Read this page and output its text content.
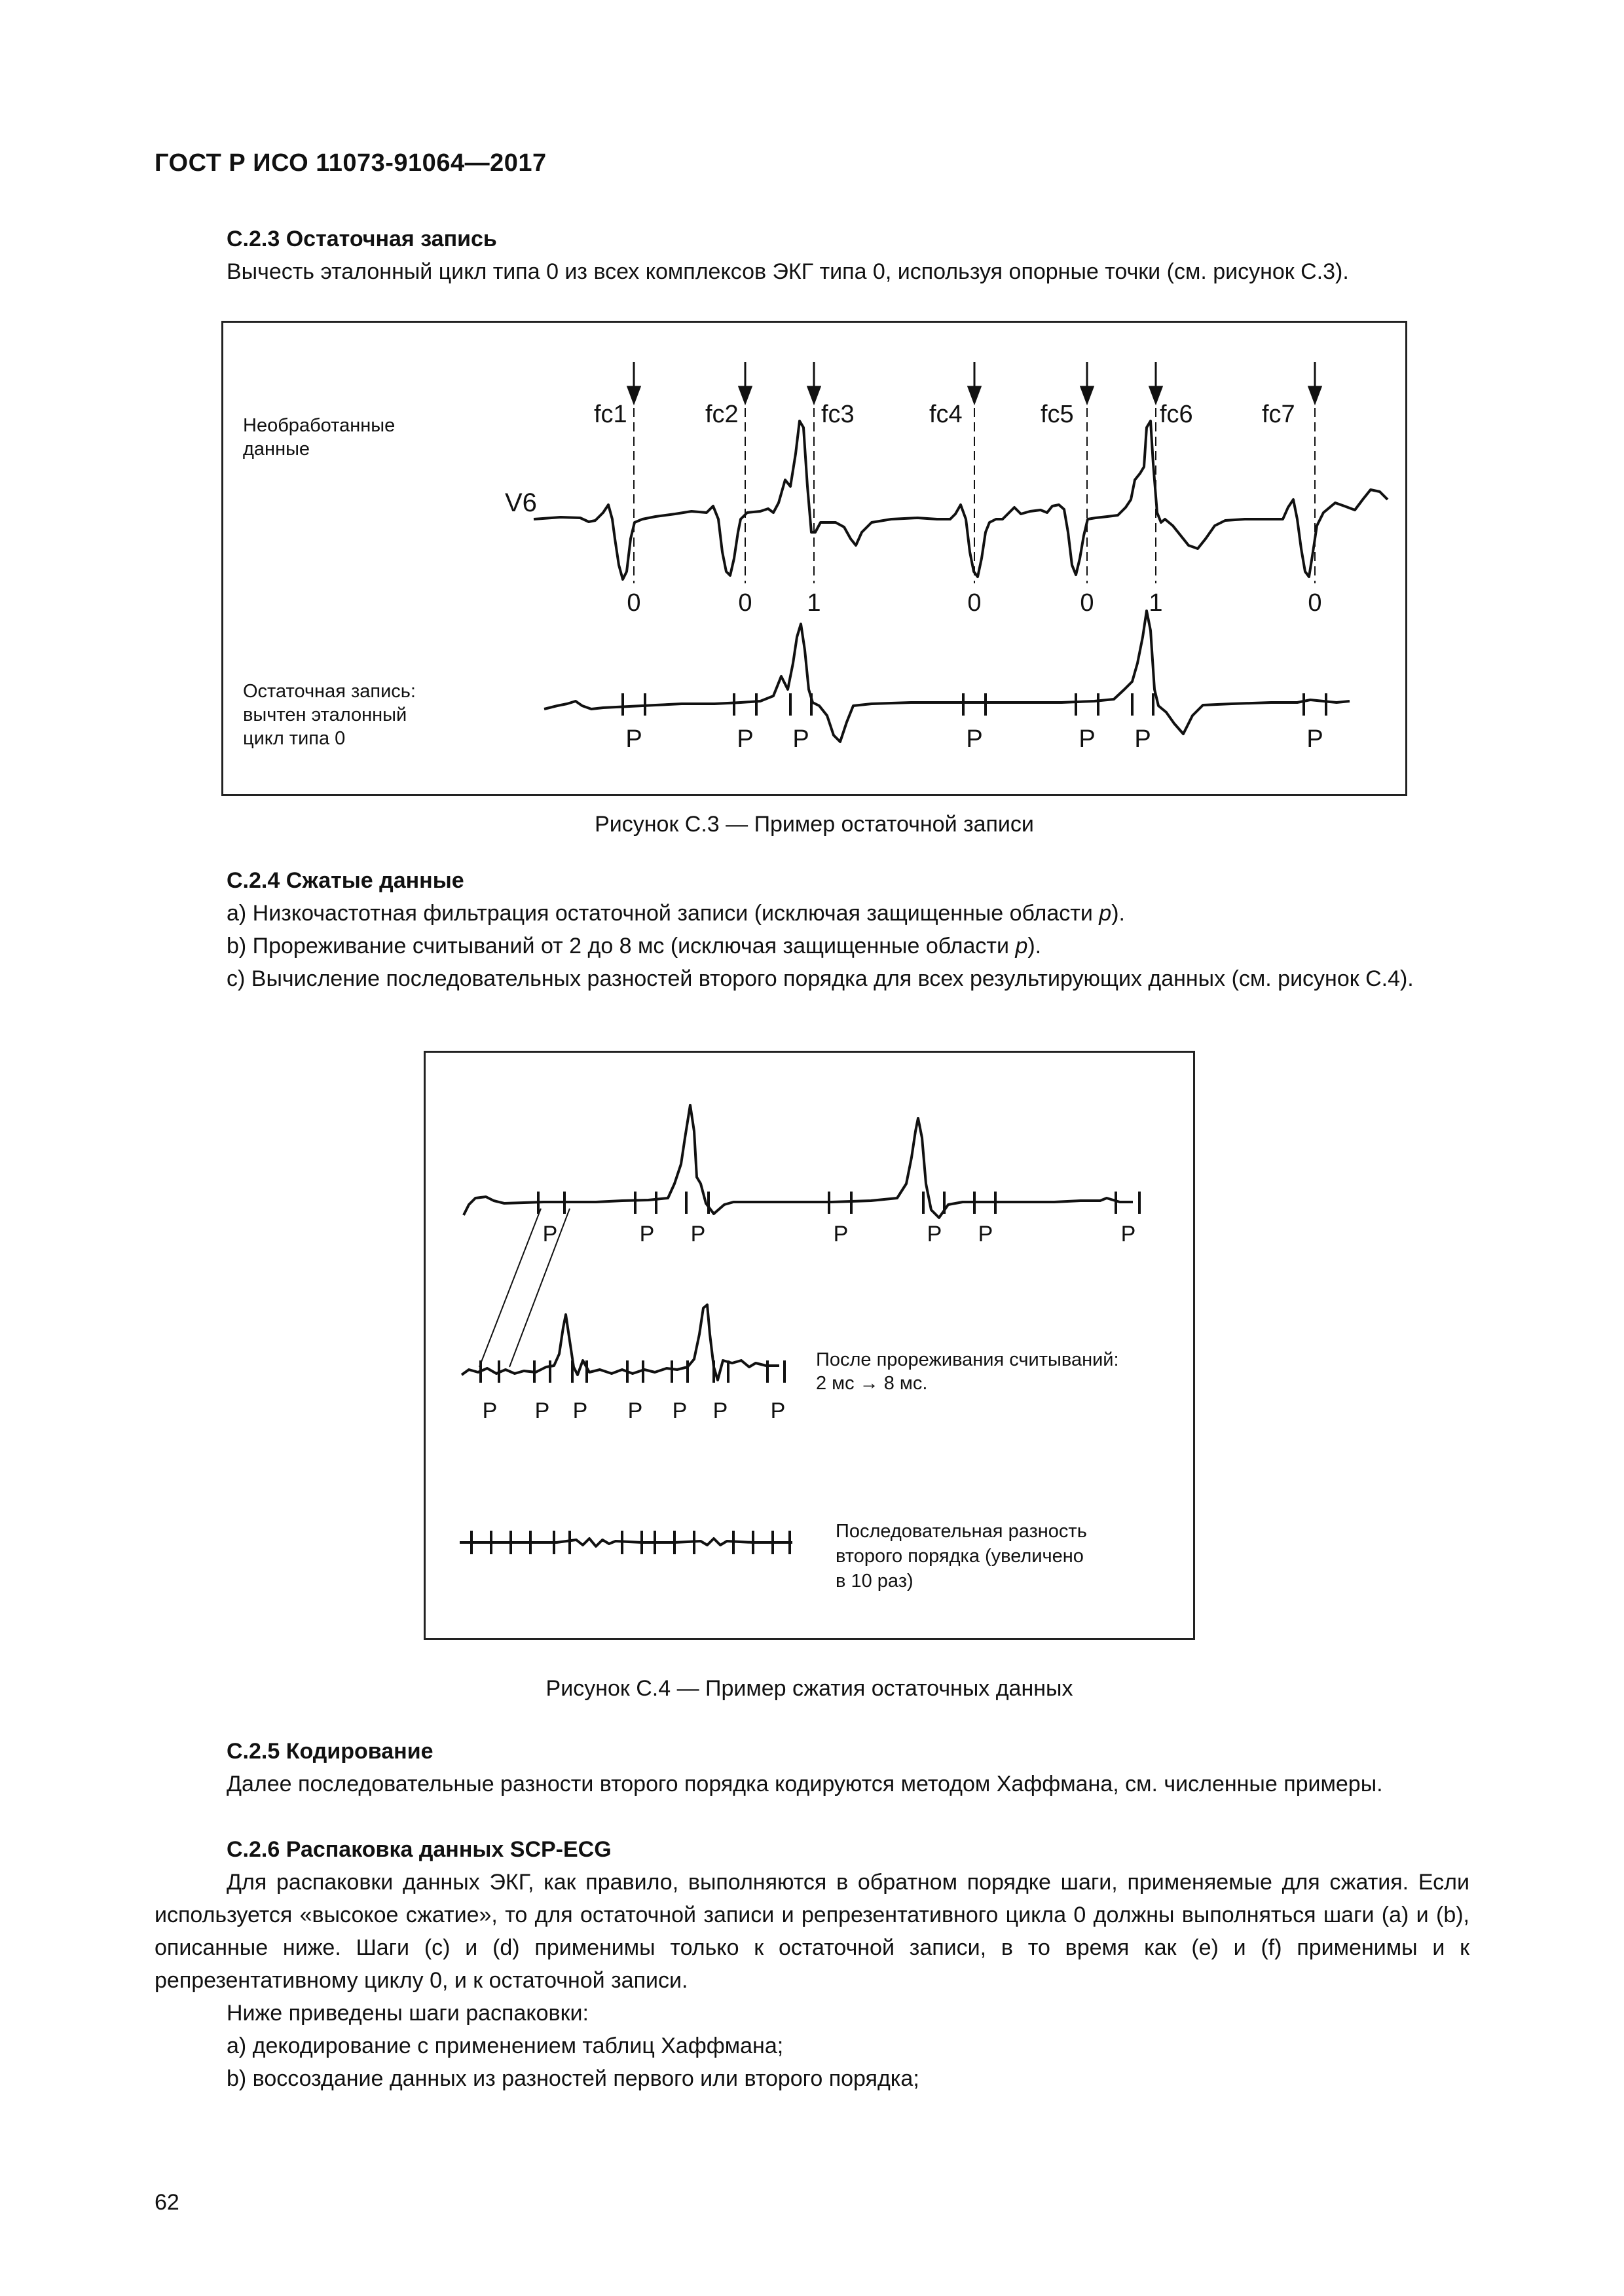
ГОСТ Р ИСО 11073-91064—2017
C.2.3 Остаточная запись
Вычесть эталонный цикл типа 0 из всех комплексов ЭКГ типа 0, используя опорные точки (см. рисунок С.3).
Необработанные
данные
Остаточная запись:
вычтен эталонный
цикл типа 0
V6
fc1	fc2	fc3	fc4	fc5	fc6	fc7
0	0 1	0	0 1	0
P	P P	P	P P	P
Рисунок С.3 — Пример остаточной записи
C.2.4 Сжатые данные
a) Низкочастотная фильтрация остаточной записи (исключая защищенные области p).
b) Прореживание считываний от 2 до 8 мс (исключая защищенные области p).
c) Вычисление последовательных разностей второго порядка для всех результирующих данных (см. рисунок С.4).
P	P P	P	P P	P
P P P P P P P
После прореживания считываний:
2 мс → 8 мс.
Последовательная разность
второго порядка (увеличено
в 10 раз)
Рисунок С.4 — Пример сжатия остаточных данных
C.2.5 Кодирование
Далее последовательные разности второго порядка кодируются методом Хаффмана, см. численные примеры.
C.2.6 Распаковка данных SCP-ECG
Для распаковки данных ЭКГ, как правило, выполняются в обратном порядке шаги, применяемые для сжатия. Если используется «высокое сжатие», то для остаточной записи и репрезентативного цикла 0 должны выполняться шаги (a) и (b), описанные ниже. Шаги (c) и (d) применимы только к остаточной записи, в то время как (e) и (f) применимы и к репрезентативному циклу 0, и к остаточной записи.
Ниже приведены шаги распаковки:
a) декодирование с применением таблиц Хаффмана;
b) воссоздание данных из разностей первого или второго порядка;
62
